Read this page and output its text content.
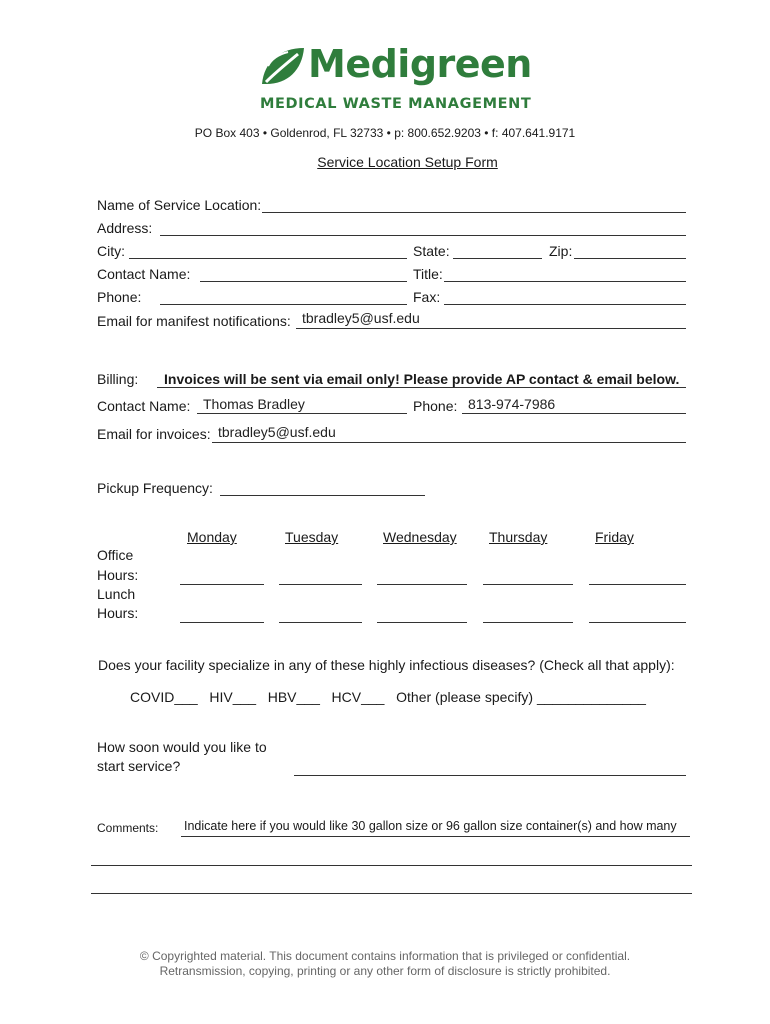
Medigreen
MEDICAL WASTE MANAGEMENT
PO Box 403 • Goldenrod, FL 32733 • p: 800.652.9203 • f: 407.641.9171
Service Location Setup Form
Name of Service Location:
Address:
City:	State:	Zip:
Contact Name:	Title:
Phone:	Fax:
Email for manifest notifications: tbradley5@usf.edu
Billing: Invoices will be sent via email only! Please provide AP contact & email below.
Contact Name: Thomas Bradley	Phone: 813-974-7986
Email for invoices: tbradley5@usf.edu
Pickup Frequency:
Monday	Tuesday	Wednesday Thursday	Friday
Office
Hours:
Lunch
Hours:
Does your facility specialize in any of these highly infectious diseases? (Check all that apply):
COVID___   HIV___   HBV___   HCV___   Other (please specify) ______________
How soon would you like to
start service?
Comments: Indicate here if you would like 30 gallon size or 96 gallon size container(s) and how many
© Copyrighted material. This document contains information that is privileged or confidential.
Retransmission, copying, printing or any other form of disclosure is strictly prohibited.
